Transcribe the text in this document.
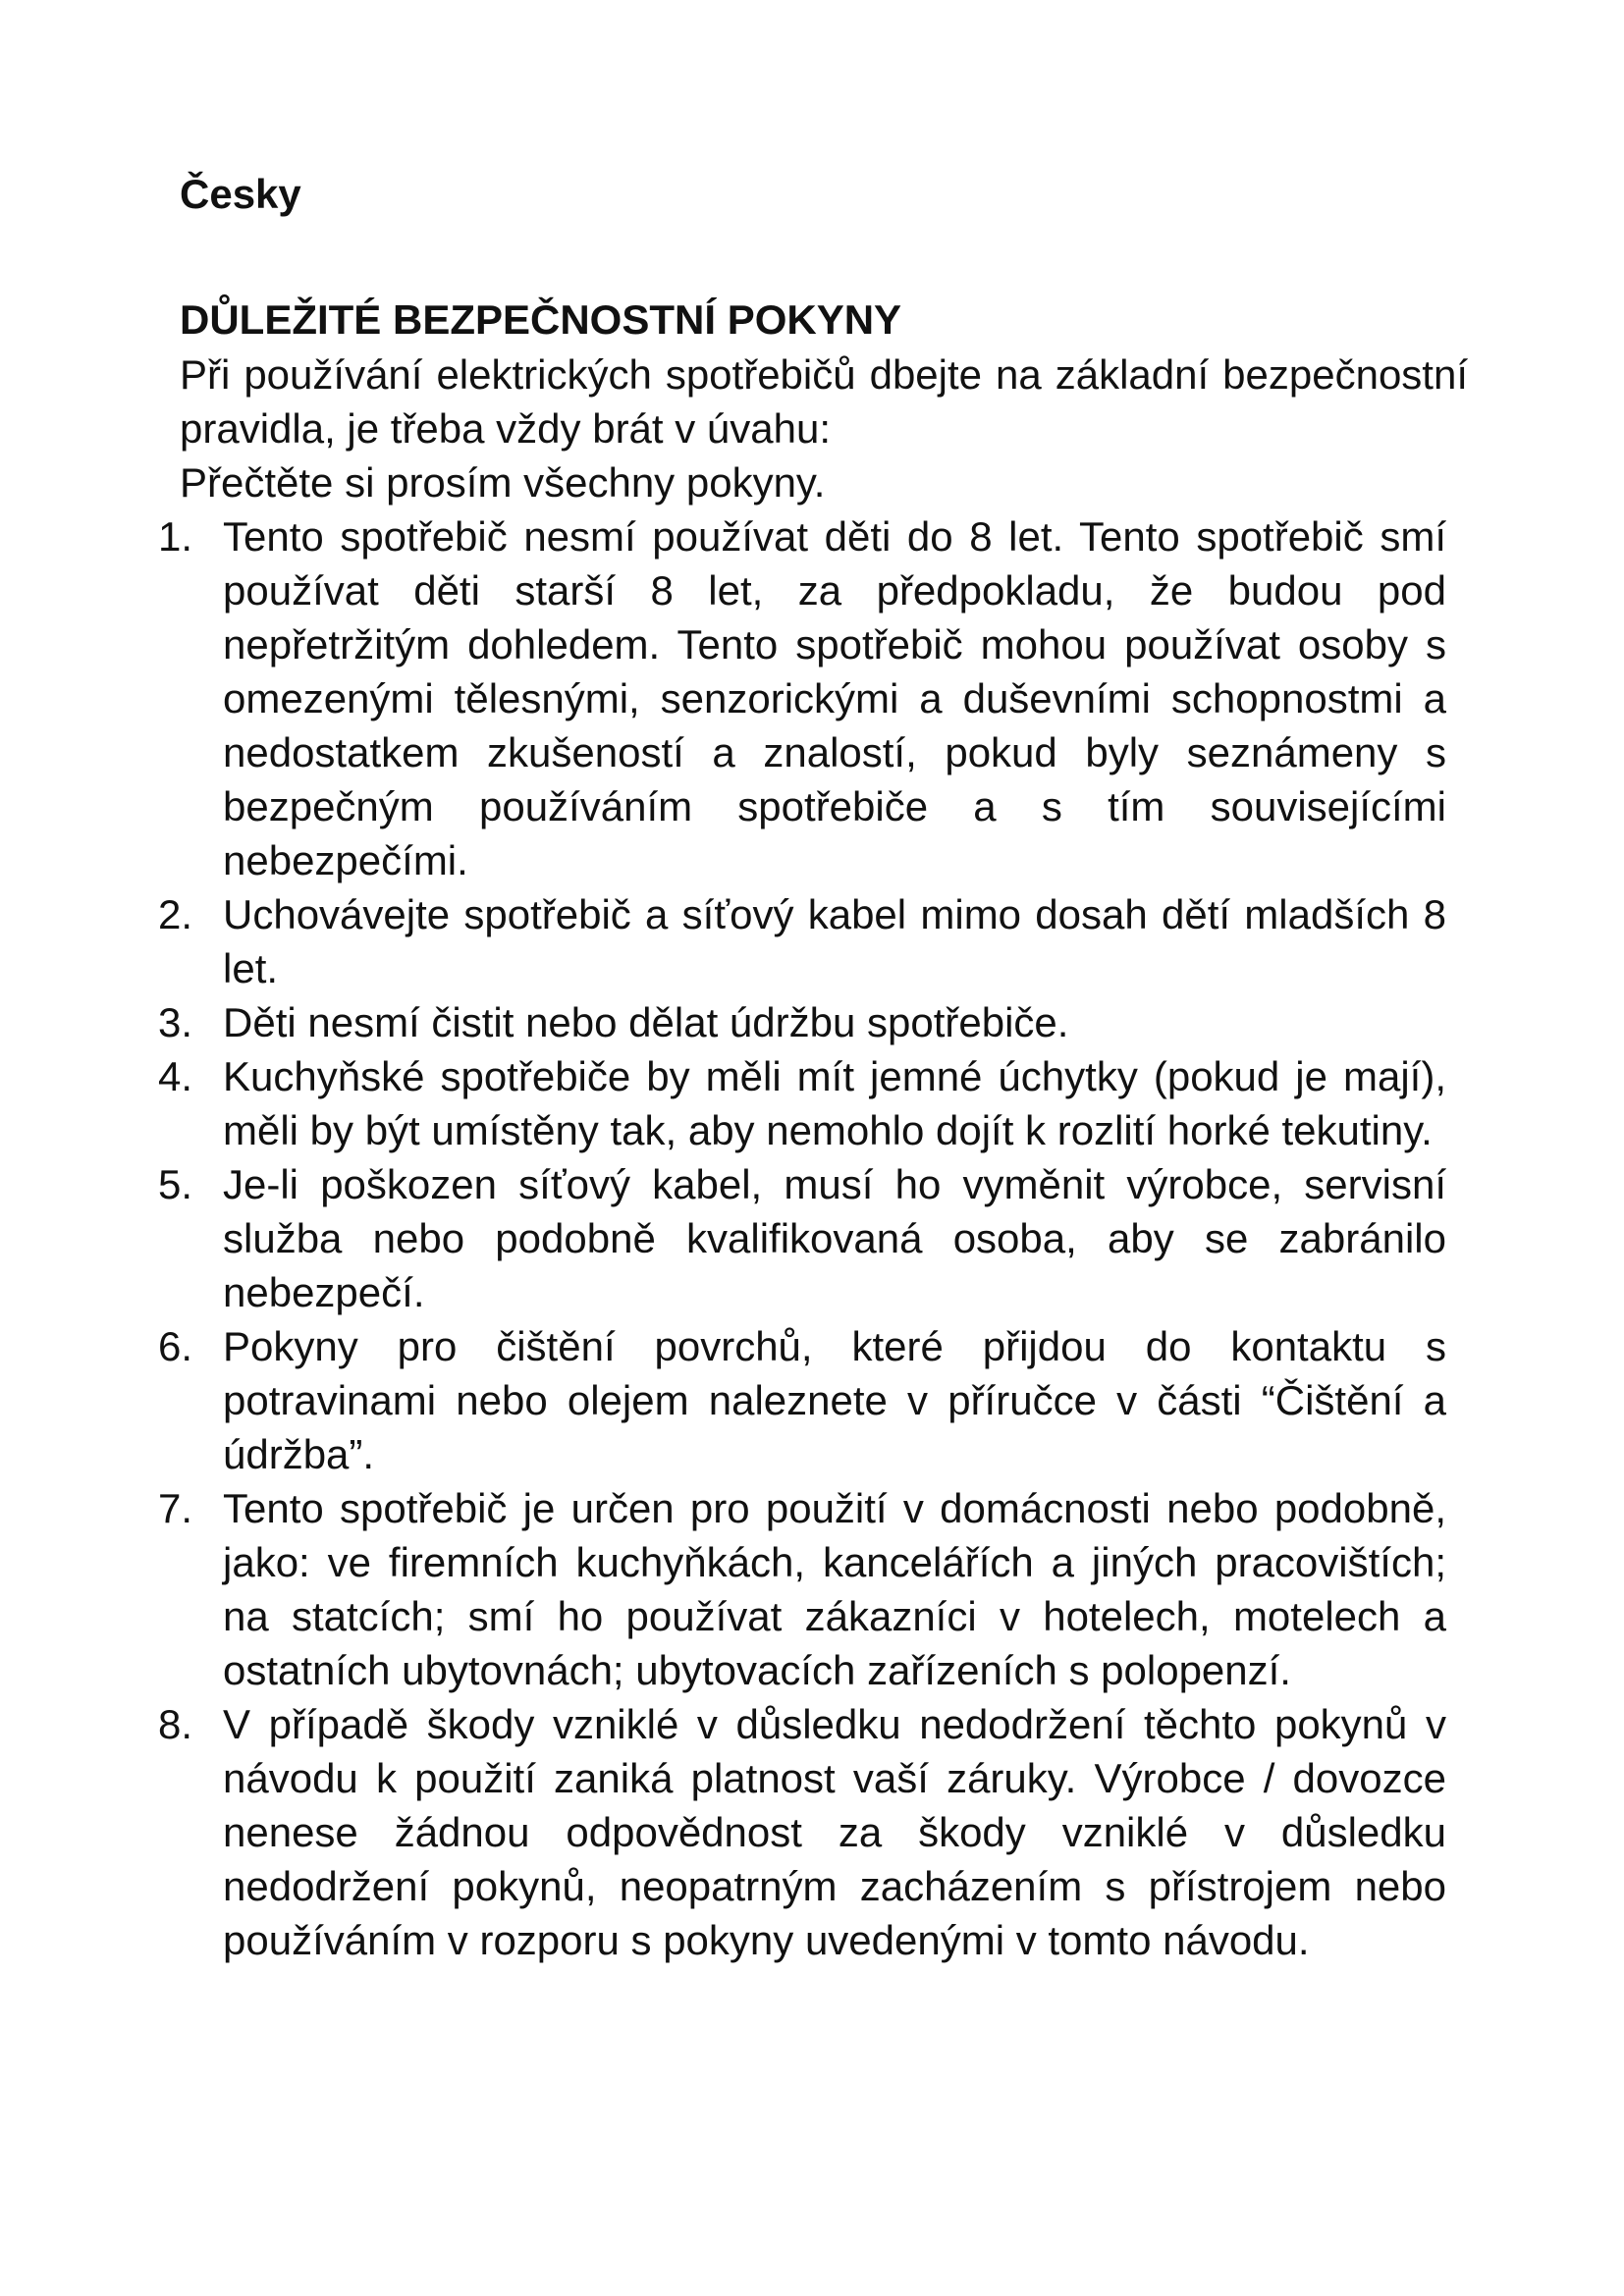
Česky

DŮLEŽITÉ BEZPEČNOSTNÍ POKYNY

Při používání elektrických spotřebičů dbejte na základní bezpečnostní pravidla, je třeba vždy brát v úvahu:
Přečtěte si prosím všechny pokyny.

1. Tento spotřebič nesmí používat děti do 8 let. Tento spotřebič smí používat děti starší 8 let, za předpokladu, že budou pod nepřetržitým dohledem. Tento spotřebič mohou používat osoby s omezenými tělesnými, senzorickými a duševními schopnostmi a nedostatkem zkušeností a znalostí, pokud byly seznámeny s bezpečným používáním spotřebiče a s tím souvisejícími nebezpečími.
2. Uchovávejte spotřebič a síťový kabel mimo dosah dětí mladších 8 let.
3. Děti nesmí čistit nebo dělat údržbu spotřebiče.
4. Kuchyňské spotřebiče by měli mít jemné úchytky (pokud je mají), měli by být umístěny tak, aby nemohlo dojít k rozlití horké tekutiny.
5. Je-li poškozen síťový kabel, musí ho vyměnit výrobce, servisní služba nebo podobně kvalifikovaná osoba, aby se zabránilo nebezpečí.
6. Pokyny pro čištění povrchů, které přijdou do kontaktu s potravinami nebo olejem naleznete v příručce v části “Čištění a údržba”.
7. Tento spotřebič je určen pro použití v domácnosti nebo podobně, jako: ve firemních kuchyňkách, kancelářích a jiných pracovištích; na statcích; smí ho používat zákazníci v hotelech, motelech a ostatních ubytovnách; ubytovacích zařízeních s polopenzí.
8. V případě škody vzniklé v důsledku nedodržení těchto pokynů v návodu k použití zaniká platnost vaší záruky. Výrobce / dovozce nenese žádnou odpovědnost za škody vzniklé v důsledku nedodržení pokynů, neopatrným zacházením s přístrojem nebo používáním v rozporu s pokyny uvedenými v tomto návodu.
